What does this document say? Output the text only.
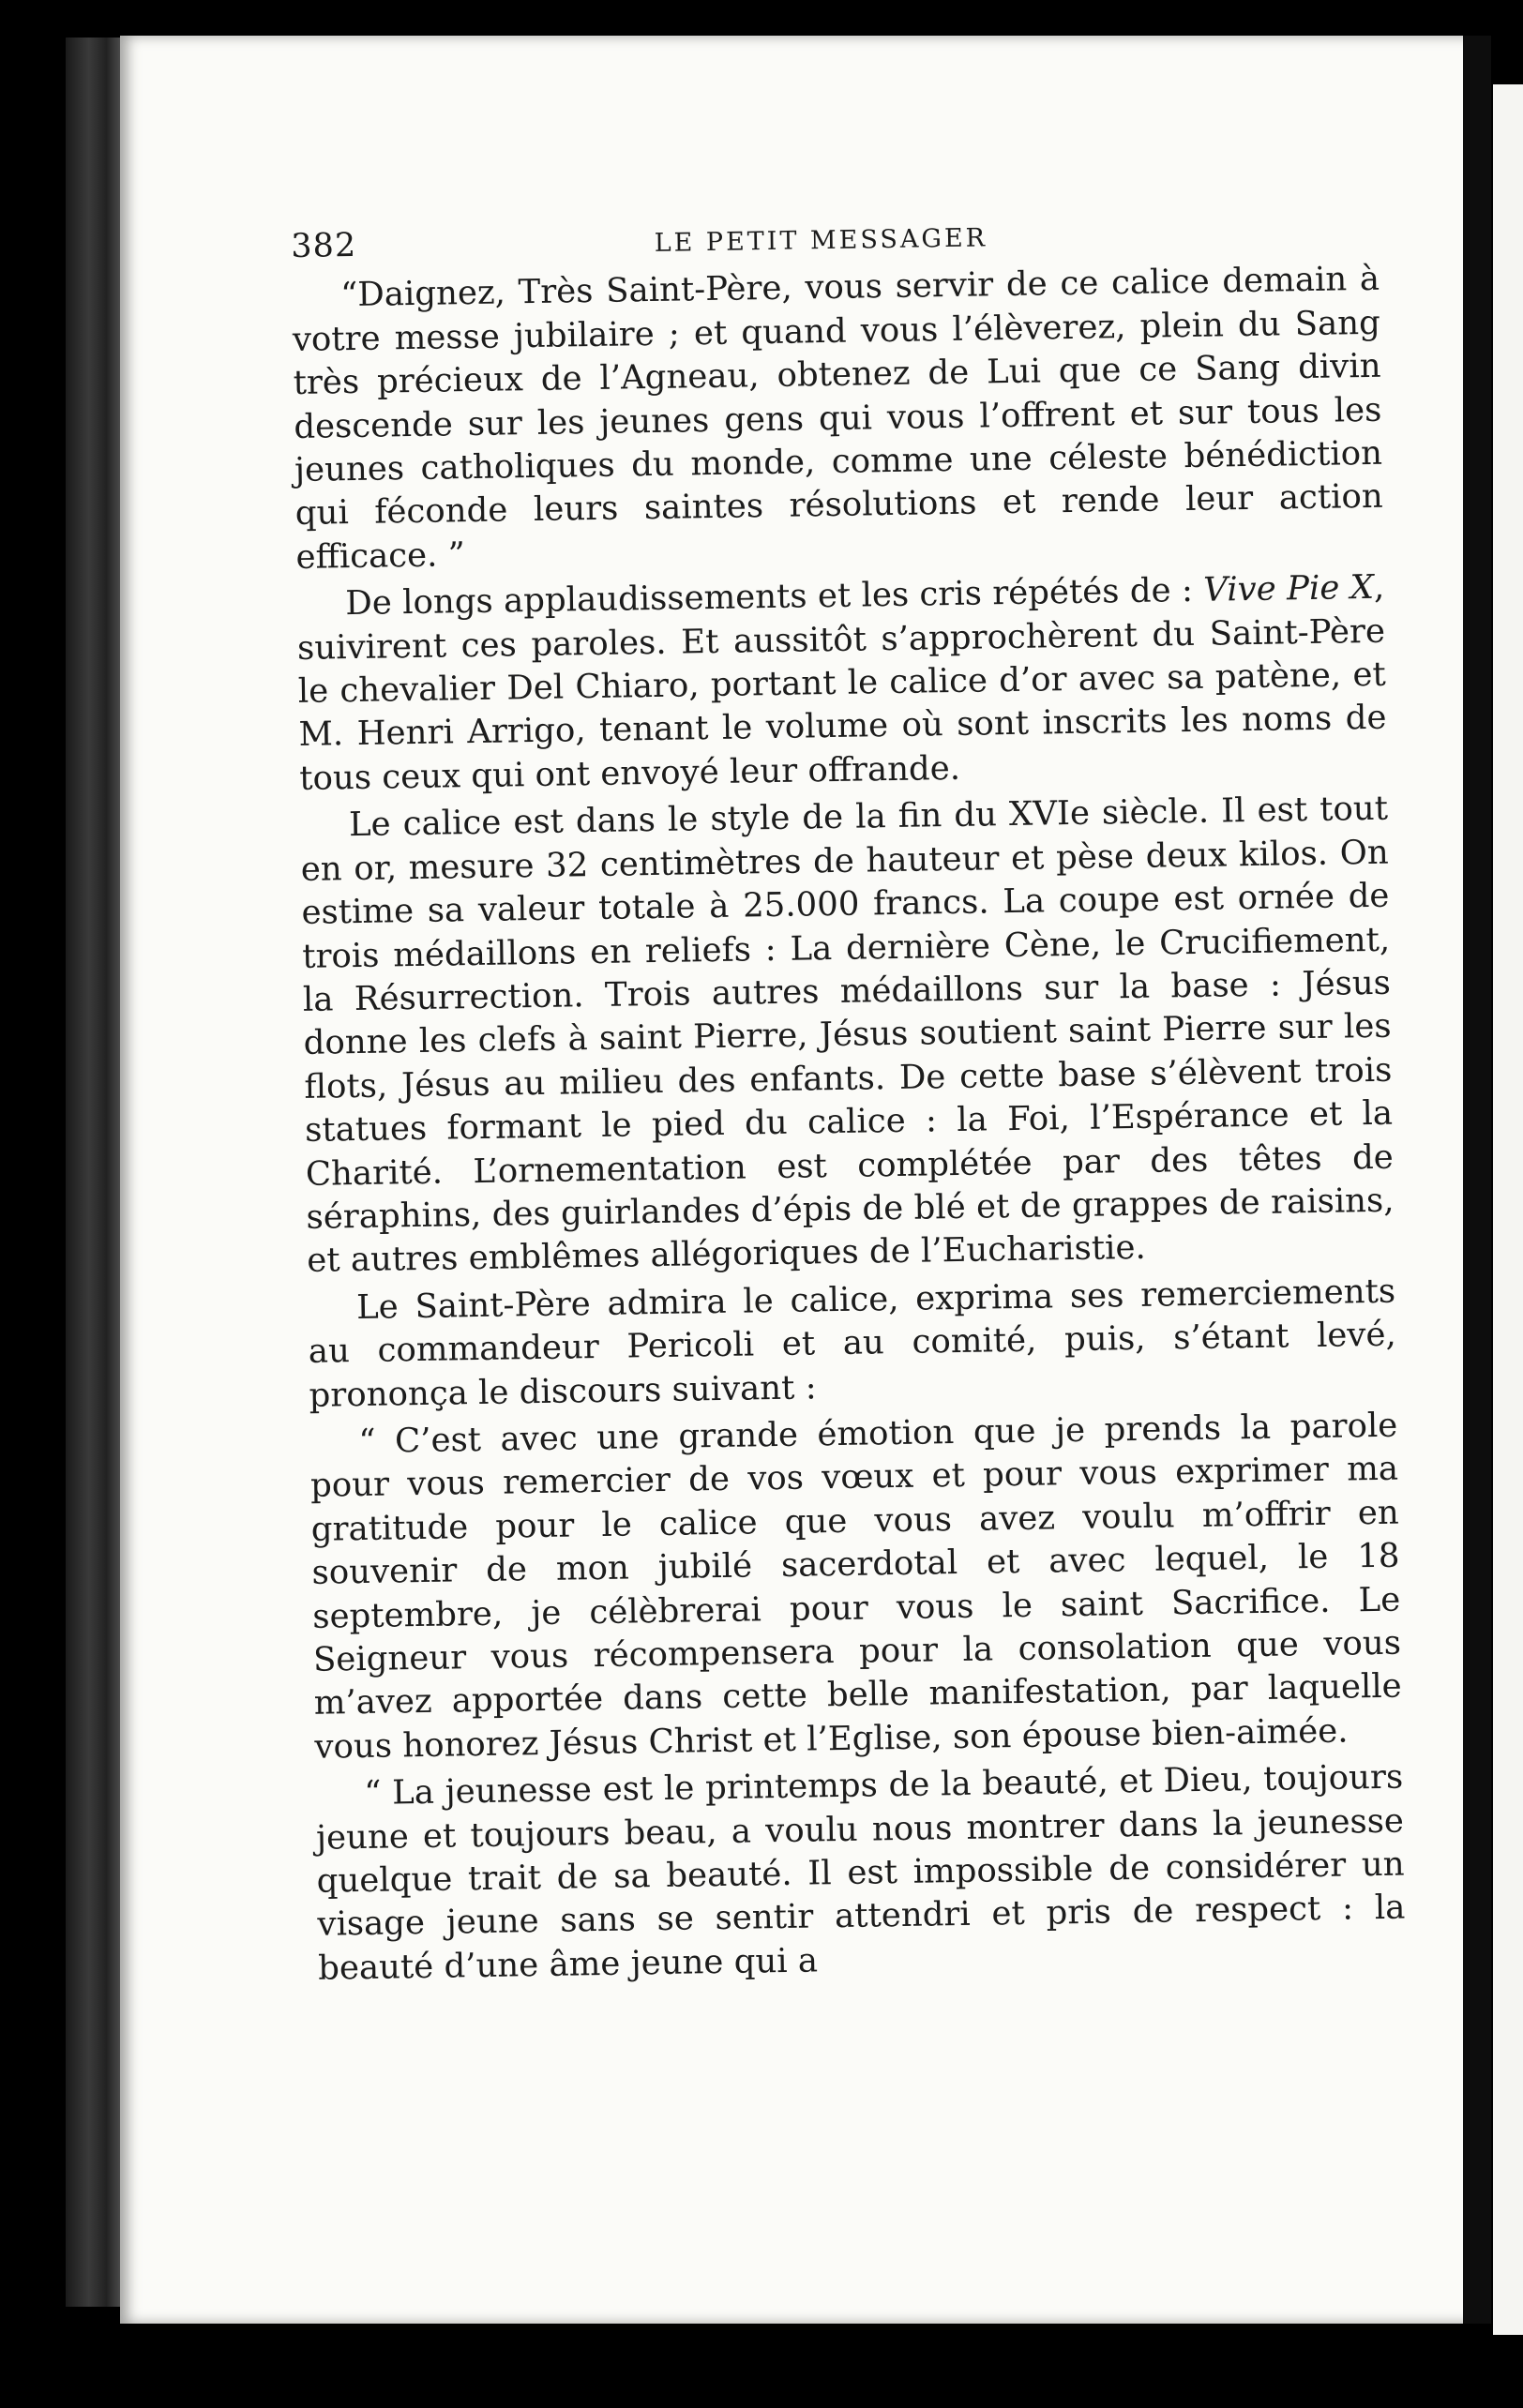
382	LE PETIT MESSAGER

“Daignez, Très Saint-Père, vous servir de ce calice demain à votre messe jubilaire ; et quand vous l’élèverez, plein du Sang très précieux de l’Agneau, obtenez de Lui que ce Sang divin descende sur les jeunes gens qui vous l’offrent et sur tous les jeunes catholiques du monde, comme une céleste bénédiction qui féconde leurs saintes résolutions et rende leur action efficace. ”

De longs applaudissements et les cris répétés de : Vive Pie X, suivirent ces paroles. Et aussitôt s’approchèrent du Saint-Père le chevalier Del Chiaro, portant le calice d’or avec sa patène, et M. Henri Arrigo, tenant le volume où sont inscrits les noms de tous ceux qui ont envoyé leur offrande.

Le calice est dans le style de la fin du XVIe siècle. Il est tout en or, mesure 32 centimètres de hauteur et pèse deux kilos. On estime sa valeur totale à 25.000 francs. La coupe est ornée de trois médaillons en reliefs : La dernière Cène, le Crucifiement, la Résurrection. Trois autres médaillons sur la base : Jésus donne les clefs à saint Pierre, Jésus soutient saint Pierre sur les flots, Jésus au milieu des enfants. De cette base s’élèvent trois statues formant le pied du calice : la Foi, l’Espérance et la Charité. L’ornementation est complétée par des têtes de séraphins, des guirlandes d’épis de blé et de grappes de raisins, et autres emblêmes allégoriques de l’Eucharistie.

Le Saint-Père admira le calice, exprima ses remerciements au commandeur Pericoli et au comité, puis, s’étant levé, prononça le discours suivant :

“ C’est avec une grande émotion que je prends la parole pour vous remercier de vos vœux et pour vous exprimer ma gratitude pour le calice que vous avez voulu m’offrir en souvenir de mon jubilé sacerdotal et avec lequel, le 18 septembre, je célèbrerai pour vous le saint Sacrifice. Le Seigneur vous récompensera pour la consolation que vous m’avez apportée dans cette belle manifestation, par laquelle vous honorez Jésus Christ et l’Eglise, son épouse bien-aimée.

“ La jeunesse est le printemps de la beauté, et Dieu, toujours jeune et toujours beau, a voulu nous montrer dans la jeunesse quelque trait de sa beauté. Il est impossible de considérer un visage jeune sans se sentir attendri et pris de respect : la beauté d’une âme jeune qui a
